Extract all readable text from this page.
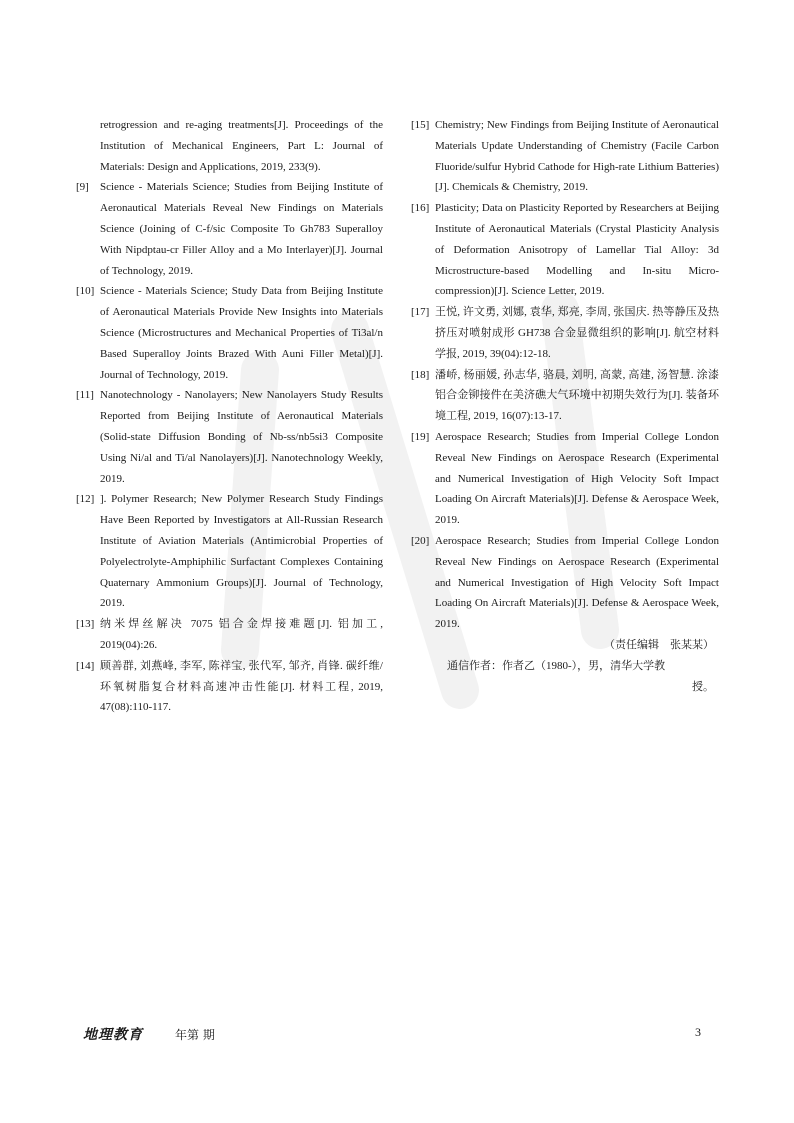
retrogression and re-aging treatments[J]. Proceedings of the Institution of Mechanical Engineers, Part L: Journal of Materials: Design and Applications, 2019, 233(9).

[9] Science - Materials Science; Studies from Beijing Institute of Aeronautical Materials Reveal New Findings on Materials Science (Joining of C-f/sic Composite To Gh783 Superalloy With Nipdptau-cr Filler Alloy and a Mo Interlayer)[J]. Journal of Technology, 2019.

[10] Science - Materials Science; Study Data from Beijing Institute of Aeronautical Materials Provide New Insights into Materials Science (Microstructures and Mechanical Properties of Ti3al/n Based Superalloy Joints Brazed With Auni Filler Metal)[J]. Journal of Technology, 2019.

[11] Nanotechnology - Nanolayers; New Nanolayers Study Results Reported from Beijing Institute of Aeronautical Materials (Solid-state Diffusion Bonding of Nb-ss/nb5si3 Composite Using Ni/al and Ti/al Nanolayers)[J]. Nanotechnology Weekly, 2019.

[12] ]. Polymer Research; New Polymer Research Study Findings Have Been Reported by Investigators at All-Russian Research Institute of Aviation Materials (Antimicrobial Properties of Polyelectrolyte-Amphiphilic Surfactant Complexes Containing Quaternary Ammonium Groups)[J]. Journal of Technology, 2019.

[13] 纳米焊丝解决 7075 铝合金焊接难题[J]. 铝加工, 2019(04):26.

[14] 顾善群, 刘燕峰, 李军, 陈祥宝, 张代军, 邹齐, 肖锋. 碳纤维/环氧树脂复合材料高速冲击性能[J]. 材料工程, 2019, 47(08):110-117.

[15] Chemistry; New Findings from Beijing Institute of Aeronautical Materials Update Understanding of Chemistry (Facile Carbon Fluoride/sulfur Hybrid Cathode for High-rate Lithium Batteries)[J]. Chemicals & Chemistry, 2019.

[16] Plasticity; Data on Plasticity Reported by Researchers at Beijing Institute of Aeronautical Materials (Crystal Plasticity Analysis of Deformation Anisotropy of Lamellar Tial Alloy: 3d Microstructure-based Modelling and In-situ Micro-compression)[J]. Science Letter, 2019.

[17] 王悦, 许文勇, 刘娜, 袁华, 郑亮, 李周, 张国庆. 热等静压及热挤压对喷射成形 GH738 合金显微组织的影响[J]. 航空材料学报, 2019, 39(04):12-18.

[18] 潘峤, 杨丽媛, 孙志华, 骆晨, 刘明, 高蒙, 高建, 汤智慧. 涂漆铝合金铆接件在美济礁大气环境中初期失效行为[J]. 装备环境工程, 2019, 16(07):13-17.

[19] Aerospace Research; Studies from Imperial College London Reveal New Findings on Aerospace Research (Experimental and Numerical Investigation of High Velocity Soft Impact Loading On Aircraft Materials)[J]. Defense & Aerospace Week, 2019.

[20] Aerospace Research; Studies from Imperial College London Reveal New Findings on Aerospace Research (Experimental and Numerical Investigation of High Velocity Soft Impact Loading On Aircraft Materials)[J]. Defense & Aerospace Week, 2019.

（责任编辑　张某某）
通信作者：作者乙（1980-），男，清华大学教
授。
地理教育	年第 期	3
